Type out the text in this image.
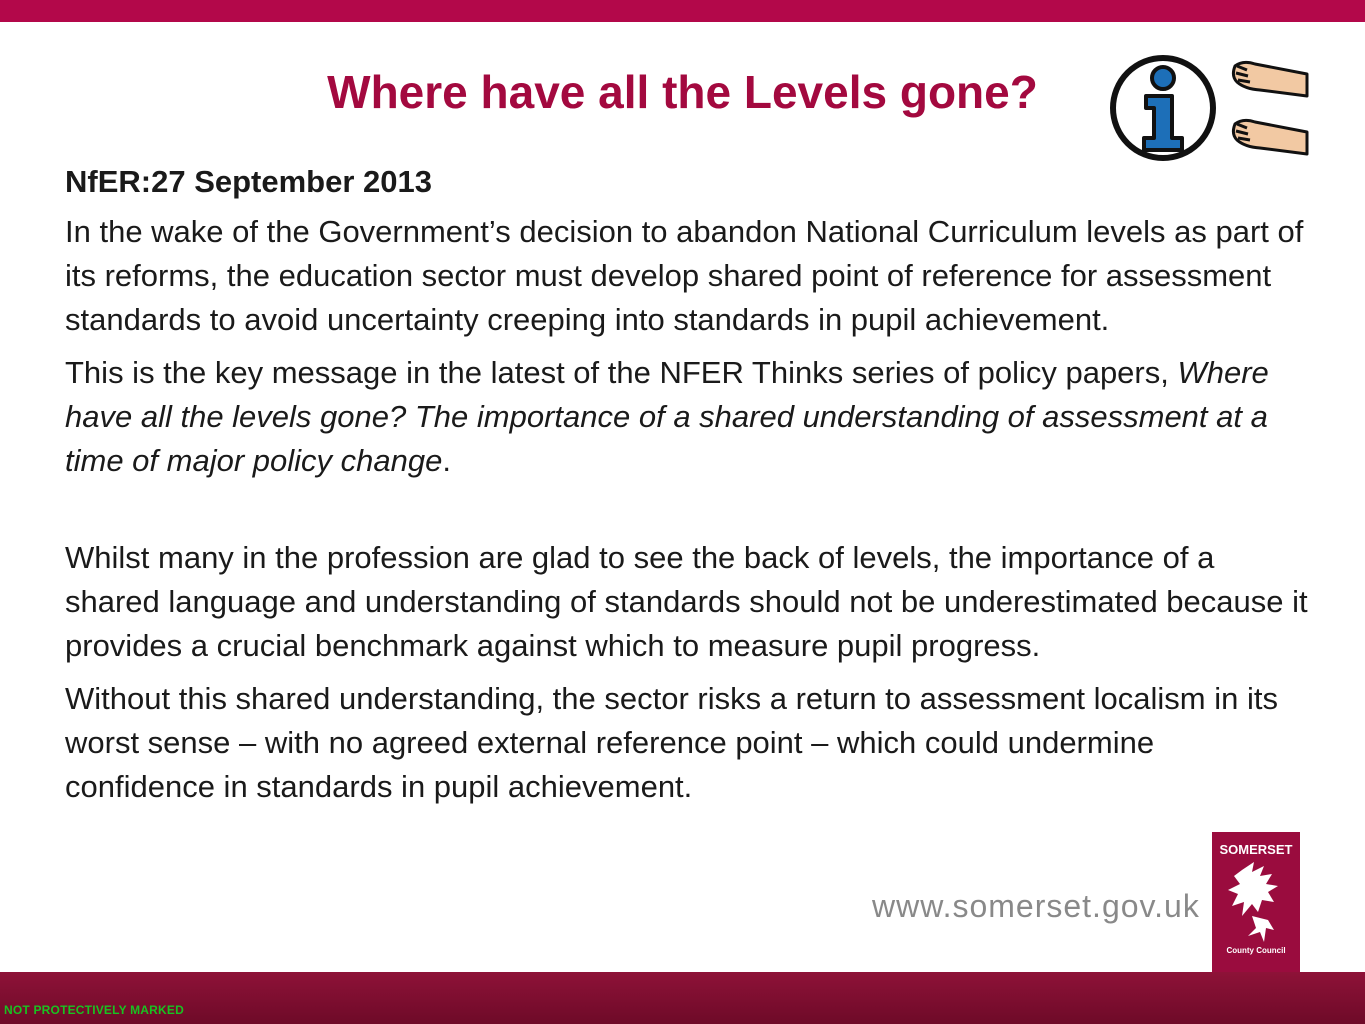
Where have all the Levels gone?

NfER:27 September 2013

In the wake of the Government’s decision to abandon National Curriculum levels as part of its reforms, the education sector must develop shared point of reference for assessment standards to avoid uncertainty creeping into standards in pupil achievement.

This is the key message in the latest of the NFER Thinks series of policy papers, Where have all the levels gone? The importance of a shared understanding of assessment at a time of major policy change.

Whilst many in the profession are glad to see the back of levels, the importance of a shared language and understanding of standards should not be underestimated because it provides a crucial benchmark against which to measure pupil progress.

Without this shared understanding, the sector risks a return to assessment localism in its worst sense – with no agreed external reference point – which could undermine confidence in standards in pupil achievement.

www.somerset.gov.uk
SOMERSET
County Council
NOT PROTECTIVELY MARKED
